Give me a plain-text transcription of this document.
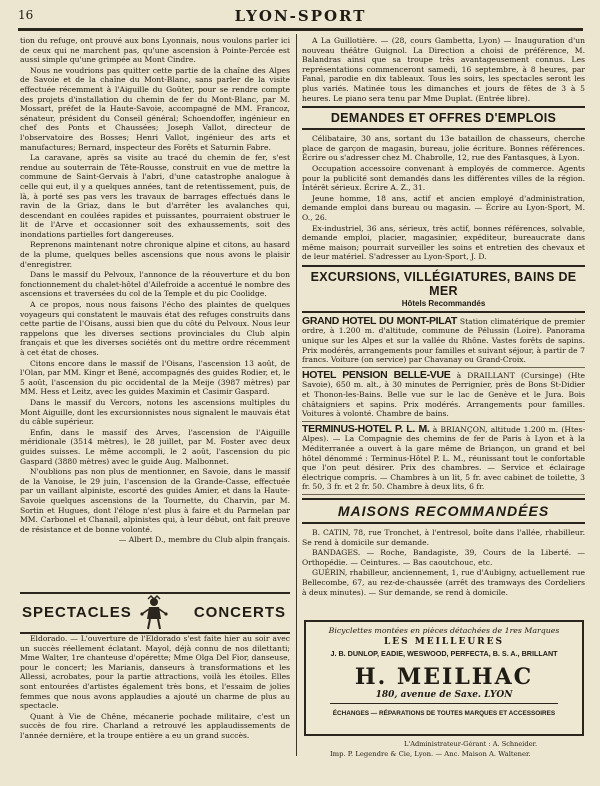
16	LYON-SPORT

tion du refuge, ont prouvé aux bons Lyonnais, nous voulons parler ici de ceux qui ne marchent pas, qu'une ascension à Pointe-Percée est aussi simple qu'une grimpée au Mont Cindre.

Nous ne voudrions pas quitter cette partie de la chaîne des Alpes de Savoie et de la chaîne du Mont-Blanc, sans parler de la visite effectuée récemment à l'Aiguille du Goûter, pour se rendre compte des projets d'installation du chemin de fer du Mont-Blanc, par M. Mossart, préfet de la Haute-Savoie, accompagné de MM. Francoz, sénateur, président du Conseil général; Schoendoffer, ingénieur en chef des Ponts et Chaussées; Joseph Vallot, directeur de l'observatoire des Bosses; Henri Vallot, ingénieur des arts et manufactures; Bernard, inspecteur des Forêts et Saturnin Fabre.

La caravane, après sa visite au tracé du chemin de fer, s'est rendue au souterrain de Tête-Rousse, construit en vue de mettre la commune de Saint-Gervais à l'abri, d'une catastrophe analogue à celle qui eut, il y a quelques années, tant de retentissement, puis, de là, à porté ses pas vers les travaux de barrages effectués dans le ravin de la Griaz, dans le but d'arrêter les avalanches qui, descendant en coulées rapides et puissantes, pourraient obstruer le lit de l'Arve et occasionner soit des exhaussements, soit des inondations partielles fort dangereuses.

Reprenons maintenant notre chronique alpine et citons, au hasard de la plume, quelques belles ascensions que nous avons le plaisir d'enregistrer.

Dans le massif du Pelvoux, l'annonce de la réouverture et du bon fonctionnement du chalet-hôtel d'Ailefroide a accentué le nombre des ascensions et traversées du col de la Temple et du pic Coolidge.

A ce propos, nous nous faisons l'écho des plaintes de quelques voyageurs qui constatent le mauvais état des refuges construits dans cette partie de l'Oisans, aussi bien que du côté du Pelvoux. Nous leur rappelons que les diverses sections provinciales du Club alpin français et que les diverses sociétés ont du mettre ordre récemment à cet état de choses.

Citons encore dans le massif de l'Oisans, l'ascension 13 août, de l'Olan, par MM. Kingr et Bené, accompagnés des guides Rodier, et, le 5 août, l'ascension du pic occidental de la Meije (3987 mètres) par MM. Hess et Leitz, avec les guides Maximin et Casimir Gaspard.

Dans le massif du Vercors, notons les ascensions multiples du Mont Aiguille, dont les excursionnistes nous signalent le mauvais état du câble supérieur.

Enfin, dans le massif des Arves, l'ascension de l'Aiguille méridionale (3514 mètres), le 28 juillet, par M. Foster avec deux guides suisses. Le même accompli, le 2 août, l'ascension du pic Gaspard (3880 mètres) avec le guide Aug. Malbonnet.

N'oublions pas non plus de mentionner, en Savoie, dans le massif de la Vanoise, le 29 juin, l'ascension de la Grande-Casse, effectuée par un vaillant alpiniste, escorté des guides Amier, et dans la Haute-Savoie quelques ascensions de la Tournette, du Charvin, par M. Sortin et Hugues, dont l'éloge n'est plus à faire et du Parmelan par MM. Carbonel et Chanail, alpinistes qui, à leur début, ont fait preuve de résistance et de bonne volonté.

— Albert D., membre du Club alpin français.
SPECTACLES	CONCERTS

Eldorado. — L'ouverture de l'Eldorado s'est faite hier au soir avec un succès réellement éclatant. Mayol, déjà connu de nos dilettanti; Mme Walter, 1re chanteuse d'opérette; Mme Olga Del Fior, danseuse, pour le concert; les Marianis, danseurs à transformations et les Allessi, acrobates, pour la partie attractions, voilà les étoiles. Elles sont entourées d'artistes également très bons, et l'essaim de jolies femmes que nous avons applaudies a ajouté un charme de plus au spectacle.

Quant à Vie de Chêne, mécanerie pochade militaire, c'est un succès de fou rire. Charland a retrouvé les applaudissements de l'année dernière, et la troupe entière a eu un grand succès.

A La Guillotière. — (28, cours Gambetta, Lyon) — Inauguration d'un nouveau théâtre Guignol. La Direction a choisi de préférence, M. Balandras ainsi que sa troupe très avantageusement connus. Les représentations commenceront samedi, 16 septembre, à 8 heures, par Fanal, parodie en dix tableaux. Tous les soirs, les spectacles seront les plus variés. Matinée tous les dimanches et jours de fêtes de 3 à 5 heures. Le piano sera tenu par Mme Duplat. (Entrée libre).

DEMANDES ET OFFRES D'EMPLOIS

Célibataire, 30 ans, sortant du 13e bataillon de chasseurs, cherche place de garçon de magasin, bureau, jolie écriture. Bonnes références. Écrire ou s'adresser chez M. Chabrolle, 12, rue des Fantasques, à Lyon.

Occupation accessoire convenant à employés de commerce. Agents pour la publicité sont demandés dans les différentes villes de la région. Intérêt sérieux. Écrire A. Z., 31.

Jeune homme, 18 ans, actif et ancien employé d'administration, demande emploi dans bureau ou magasin. — Écrire au Lyon-Sport, M. O., 26.

Ex-industriel, 36 ans, sérieux, très actif, bonnes références, solvable, demande emploi, placier, magasinier, expéditeur, bureaucrate dans même maison; pourrait surveiller les soins et entretien des chevaux et de leur matériel. S'adresser au Lyon-Sport, J. D.

EXCURSIONS, VILLÉGIATURES, BAINS DE MER
Hôtels Recommandés
GRAND HOTEL DU MONT-PILAT Station climatérique de premier ordre, à 1.200 m. d'altitude, commune de Pélussin (Loire). Panorama unique sur les Alpes et sur la vallée du Rhône. Vastes forêts de sapins. Prix modérés, arrangements pour familles et suivant séjour, à partir de 7 francs. Voiture (on service) par Chavanay ou Grand-Croix.
HOTEL PENSION BELLE-VUE à DRAILLANT (Cursinge) (Hte Savoie), 650 m. alt., à 30 minutes de Perrignier, près de Bons St-Didier et Thonon-les-Bains. Belle vue sur le lac de Genève et le Jura. Bois châtaigniers et sapins. Prix modérés. Arrangements pour familles. Voitures à volonté. Chambre de bains.
TERMINUS-HOTEL P. L. M. à BRIANÇON, altitude 1.200 m. (Htes-Alpes). — La Compagnie des chemins de fer de Paris à Lyon et à la Méditerranée a ouvert à la gare même de Briançon, un grand et bel hôtel dénommé : Terminus-Hôtel P. L. M., réunissant tout le confortable que l'on peut désirer. Prix des chambres. — Service et éclairage électrique compris. — Chambres à un lit, 5 fr. avec cabinet de toilette, 3 fr. 50, 3 fr. et 2 fr. 50. Chambre à deux lits, 6 fr.
MAISONS RECOMMANDÉES

B. CATIN, 78, rue Tronchet, à l'entresol, boîte dans l'allée, rhabilleur. Se rend à domicile sur demande.

BANDAGES. — Roche, Bandagiste, 39, Cours de la Liberté. — Orthopédie. — Ceintures. — Bas caoutchouc, etc.

GUÉRIN, rhabilleur, anciennement, 1, rue d'Aubigny, actuellement rue Bellecombe, 67, au rez-de-chaussée (arrêt des tramways des Cordeliers à deux minutes). — Sur demande, se rend à domicile.

Bicyclettes montées en pièces détachées de 1res Marques
LES MEILLEURES
J. B. DUNLOP, EADIE, WESWOOD, PERFECTA, B. S. A., BRILLANT
H. MEILHAC
180, avenue de Saxe. LYON
ÉCHANGES — RÉPARATIONS DE TOUTES MARQUES ET ACCESSOIRES
L'Administrateur-Gérant : A. Schneider.
Imp. P. Legendre & Cie, Lyon. — Anc. Maison A. Waltener.
